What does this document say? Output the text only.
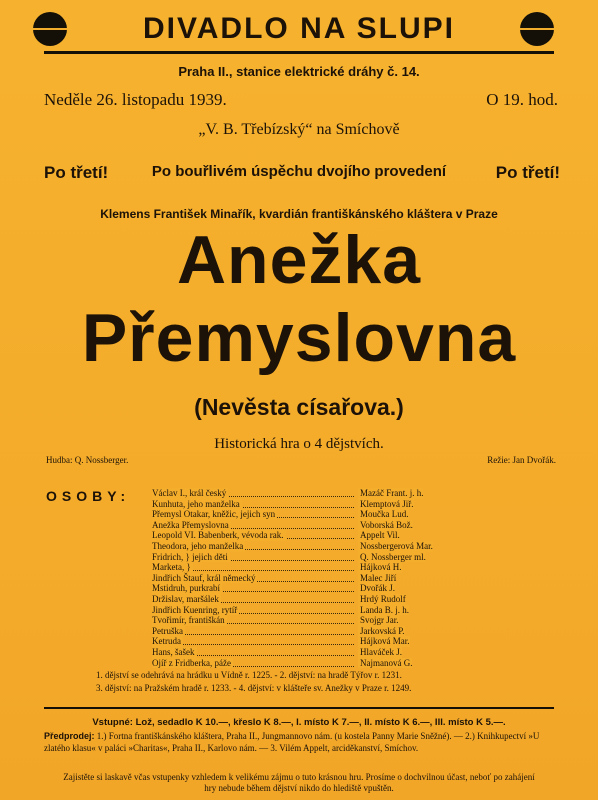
DIVADLO NA SLUPI
Praha II., stanice elektrické dráhy č. 14.
Neděle 26. listopadu 1939.	O 19. hod.
„V. B. Třebízský“ na Smíchově
Po třetí!	Po bouřlivém úspěchu dvojího provedení	Po třetí!
Klemens František Minařík, kvardián františkánského kláštera v Praze
Anežka
Přemyslovna
(Nevěsta císařova.)
Historická hra o 4 dějstvích.
Hudba: Q. Nossberger.	Režie: Jan Dvořák.
OSOBY: Václav I., král český	Mazáč Frant. j. h.
Kunhuta, jeho manželka	Klemptová Jiř.
Přemysl Otakar, kněžic, jejich syn	Moučka Lud.
Anežka Přemyslovna	Voborská Bož.
Leopold VI. Babenberk, vévoda rak.	Appelt Vil.
Theodora, jeho manželka	Nossbergerová Mar.
Fridrich, } jejich děti	Q. Nossberger ml.
Marketa, }	Hájková H.
Jindřich Štauf, král německý	Malec Jiří
Mstidruh, purkrabí	Dvořák J.
Držislav, maršálek	Hrdý Rudolf
Jindřich Kuenring, rytíř	Landa B. j. h.
Tvořimír, františkán	Svojgr Jar.
Petruška	Jarkovská P.
Ketruda	Hájková Mar.
Hans, šašek	Hlaváček J.
Ojíř z Fridberka, páže	Najmanová G.
1. dějství se odehrává na hrádku u Vídně r. 1225. - 2. dějství: na hradě Týřov r. 1231.
3. dějství: na Pražském hradě r. 1233. - 4. dějství: v klášteře sv. Anežky v Praze r. 1249.
Vstupné: Lož, sedadlo K 10.—, křeslo K 8.—, I. místo K 7.—, II. místo K 6.—, III. místo K 5.—.
Předprodej: 1.) Fortna františkánského kláštera, Praha II., Jungmannovo nám. (u kostela Panny Marie Sněžné). — 2.) Knihkupectví »U zlatého klasu« v paláci »Charitas«, Praha II., Karlovo nám. — 3. Vilém Appelt, arciděkanství, Smíchov.
Zajistěte si laskavě včas vstupenky vzhledem k velikému zájmu o tuto krásnou hru. Prosíme o dochvilnou účast, neboť po zahájení hry nebude během dějství nikdo do hlediště vpuštěn.
